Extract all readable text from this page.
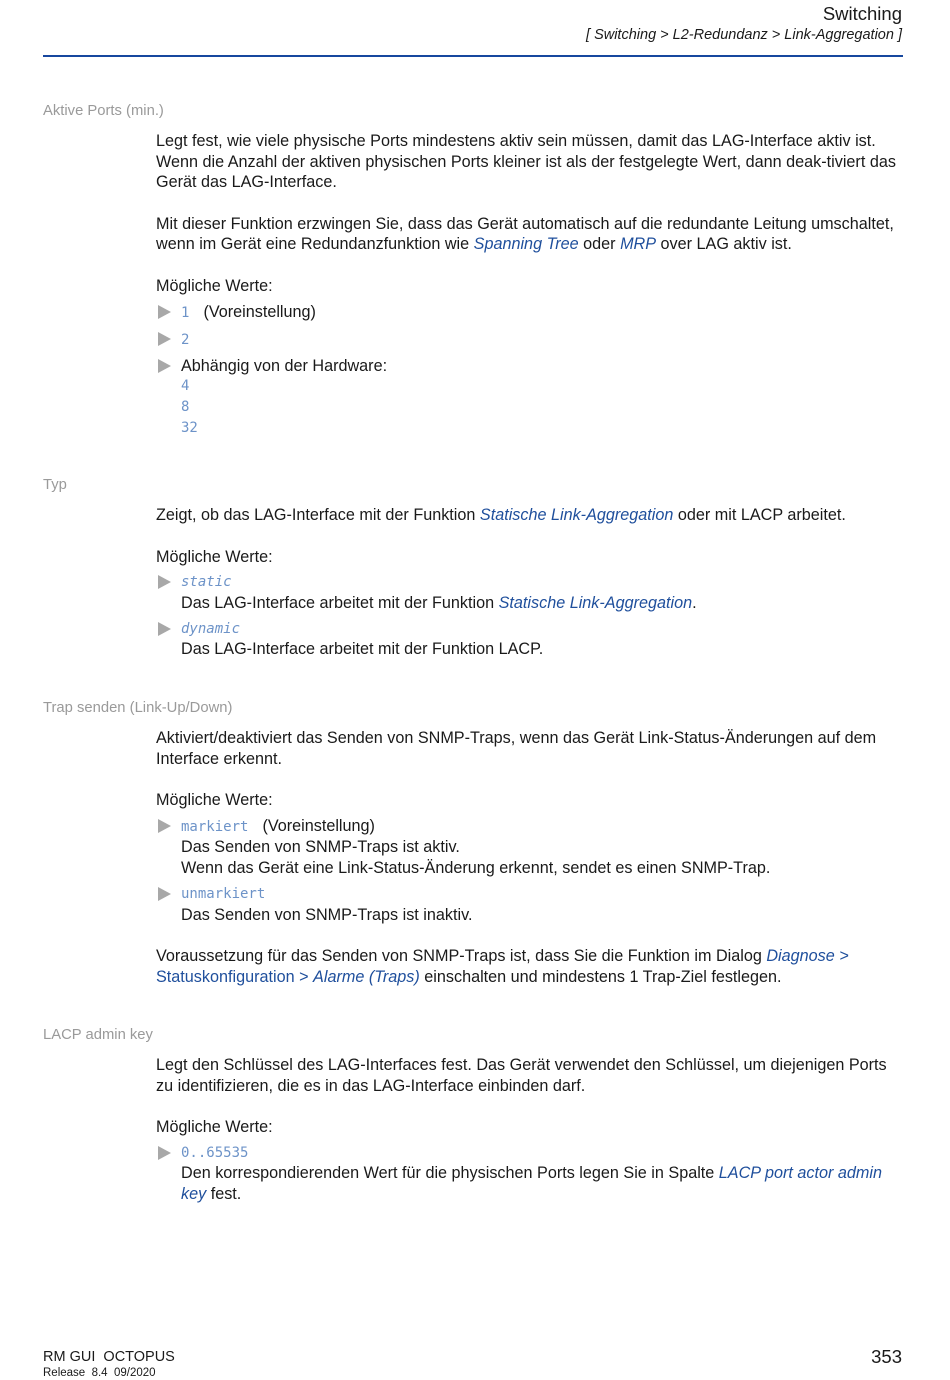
Switching
[ Switching > L2-Redundanz > Link-Aggregation ]
Aktive Ports (min.)

Legt fest, wie viele physische Ports mindestens aktiv sein müssen, damit das LAG-Interface aktiv ist. Wenn die Anzahl der aktiven physischen Ports kleiner ist als der festgelegte Wert, dann deak-tiviert das Gerät das LAG-Interface.

Mit dieser Funktion erzwingen Sie, dass das Gerät automatisch auf die redundante Leitung umschaltet, wenn im Gerät eine Redundanzfunktion wie Spanning Tree oder MRP over LAG aktiv ist.

Mögliche Werte:

1 (Voreinstellung)
2
Abhängig von der Hardware:
4
8
32
Typ

Zeigt, ob das LAG-Interface mit der Funktion Statische Link-Aggregation oder mit LACP arbeitet.

Mögliche Werte:

static
Das LAG-Interface arbeitet mit der Funktion Statische Link-Aggregation.
dynamic
Das LAG-Interface arbeitet mit der Funktion LACP.
Trap senden (Link-Up/Down)

Aktiviert/deaktiviert das Senden von SNMP-Traps, wenn das Gerät Link-Status-Änderungen auf dem Interface erkennt.

Mögliche Werte:

markiert (Voreinstellung)
Das Senden von SNMP-Traps ist aktiv.
Wenn das Gerät eine Link-Status-Änderung erkennt, sendet es einen SNMP-Trap.
unmarkiert
Das Senden von SNMP-Traps ist inaktiv.

Voraussetzung für das Senden von SNMP-Traps ist, dass Sie die Funktion im Dialog Diagnose >
Statuskonfiguration > Alarme (Traps) einschalten und mindestens 1 Trap-Ziel festlegen.

LACP admin key

Legt den Schlüssel des LAG-Interfaces fest. Das Gerät verwendet den Schlüssel, um diejenigen Ports zu identifizieren, die es in das LAG-Interface einbinden darf.

Mögliche Werte:

0..65535
Den korrespondierenden Wert für die physischen Ports legen Sie in Spalte LACP port actor admin
key fest.
RM GUI  OCTOPUS
Release  8.4  09/2020
353
